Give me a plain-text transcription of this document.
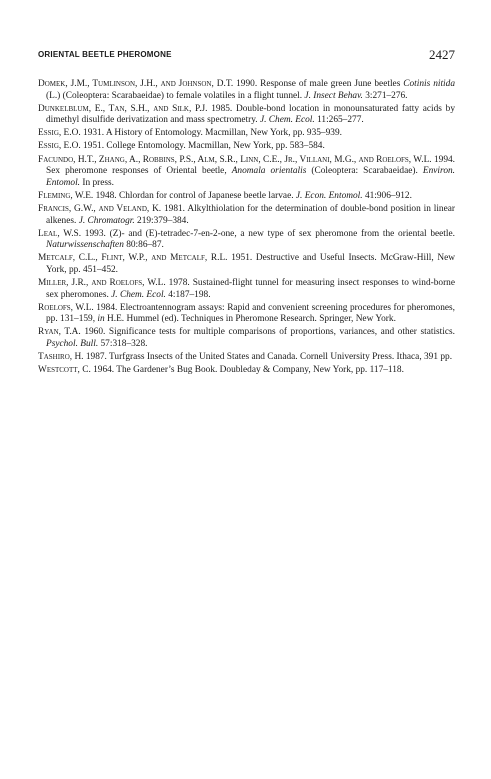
ORIENTAL BEETLE PHEROMONE	2427

Domek, J.M., Tumlinson, J.H., and Johnson, D.T. 1990. Response of male green June beetles Cotinis nitida (L.) (Coleoptera: Scarabaeidae) to female volatiles in a flight tunnel. J. Insect Behav. 3:271–276.

Dunkelblum, E., Tan, S.H., and Silk, P.J. 1985. Double-bond location in monounsaturated fatty acids by dimethyl disulfide derivatization and mass spectrometry. J. Chem. Ecol. 11:265–277.

Essig, E.O. 1931. A History of Entomology. Macmillan, New York, pp. 935–939.

Essig, E.O. 1951. College Entomology. Macmillan, New York, pp. 583–584.

Facundo, H.T., Zhang, A., Robbins, P.S., Alm, S.R., Linn, C.E., Jr., Villani, M.G., and Roelofs, W.L. 1994. Sex pheromone responses of Oriental beetle, Anomala orientalis (Coleoptera: Scarabaeidae). Environ. Entomol. In press.

Fleming, W.E. 1948. Chlordan for control of Japanese beetle larvae. J. Econ. Entomol. 41:906–912.

Francis, G.W., and Veland, K. 1981. Alkylthiolation for the determination of double-bond position in linear alkenes. J. Chromatogr. 219:379–384.

Leal, W.S. 1993. (Z)- and (E)-tetradec-7-en-2-one, a new type of sex pheromone from the oriental beetle. Naturwissenschaften 80:86–87.

Metcalf, C.L., Flint, W.P., and Metcalf, R.L. 1951. Destructive and Useful Insects. McGraw-Hill, New York, pp. 451–452.

Miller, J.R., and Roelofs, W.L. 1978. Sustained-flight tunnel for measuring insect responses to wind-borne sex pheromones. J. Chem. Ecol. 4:187–198.

Roelofs, W.L. 1984. Electroantennogram assays: Rapid and convenient screening procedures for pheromones, pp. 131–159, in H.E. Hummel (ed). Techniques in Pheromone Research. Springer, New York.

Ryan, T.A. 1960. Significance tests for multiple comparisons of proportions, variances, and other statistics. Psychol. Bull. 57:318–328.

Tashiro, H. 1987. Turfgrass Insects of the United States and Canada. Cornell University Press. Ithaca, 391 pp.

Westcott, C. 1964. The Gardener’s Bug Book. Doubleday & Company, New York, pp. 117–118.
